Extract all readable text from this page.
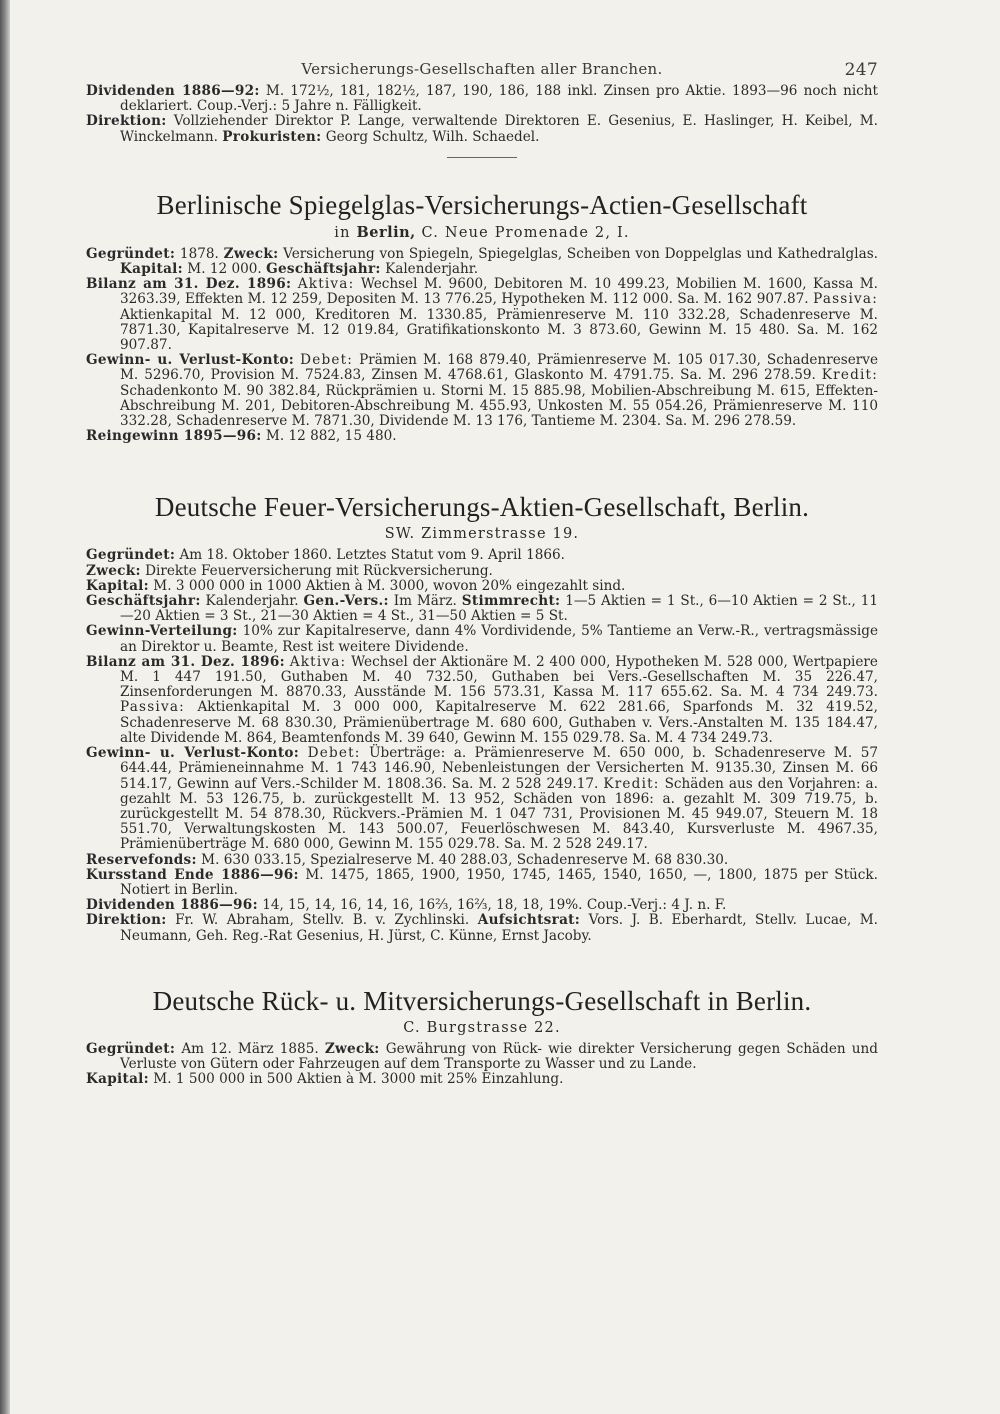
Versicherungs-Gesellschaften aller Branchen.	247

Dividenden 1886—92: M. 172½, 181, 182½, 187, 190, 186, 188 inkl. Zinsen pro Aktie. 1893—96 noch nicht deklariert. Coup.-Verj.: 5 Jahre n. Fälligkeit.

Direktion: Vollziehender Direktor P. Lange, verwaltende Direktoren E. Gesenius, E. Haslinger, H. Keibel, M. Winckelmann. Prokuristen: Georg Schultz, Wilh. Schaedel.

Berlinische Spiegelglas-Versicherungs-Actien-Gesellschaft
in Berlin, C. Neue Promenade 2, I.

Gegründet: 1878. Zweck: Versicherung von Spiegeln, Spiegelglas, Scheiben von Doppelglas und Kathedralglas. Kapital: M. 12 000. Geschäftsjahr: Kalenderjahr.

Bilanz am 31. Dez. 1896: Aktiva: Wechsel M. 9600, Debitoren M. 10 499.23, Mobilien M. 1600, Kassa M. 3263.39, Effekten M. 12 259, Depositen M. 13 776.25, Hypotheken M. 112 000. Sa. M. 162 907.87. Passiva: Aktienkapital M. 12 000, Kreditoren M. 1330.85, Prämienreserve M. 110 332.28, Schadenreserve M. 7871.30, Kapitalreserve M. 12 019.84, Gratifikationskonto M. 3 873.60, Gewinn M. 15 480. Sa. M. 162 907.87.

Gewinn- u. Verlust-Konto: Debet: Prämien M. 168 879.40, Prämienreserve M. 105 017.30, Schadenreserve M. 5296.70, Provision M. 7524.83, Zinsen M. 4768.61, Glaskonto M. 4791.75. Sa. M. 296 278.59. Kredit: Schadenkonto M. 90 382.84, Rückprämien u. Storni M. 15 885.98, Mobilien-Abschreibung M. 615, Effekten-Abschreibung M. 201, Debitoren-Abschreibung M. 455.93, Unkosten M. 55 054.26, Prämienreserve M. 110 332.28, Schadenreserve M. 7871.30, Dividende M. 13 176, Tantieme M. 2304. Sa. M. 296 278.59.

Reingewinn 1895—96: M. 12 882, 15 480.

Deutsche Feuer-Versicherungs-Aktien-Gesellschaft, Berlin.
SW. Zimmerstrasse 19.

Gegründet: Am 18. Oktober 1860. Letztes Statut vom 9. April 1866.

Zweck: Direkte Feuerversicherung mit Rückversicherung.

Kapital: M. 3 000 000 in 1000 Aktien à M. 3000, wovon 20% eingezahlt sind.

Geschäftsjahr: Kalenderjahr. Gen.-Vers.: Im März. Stimmrecht: 1—5 Aktien = 1 St., 6—10 Aktien = 2 St., 11—20 Aktien = 3 St., 21—30 Aktien = 4 St., 31—50 Aktien = 5 St.

Gewinn-Verteilung: 10% zur Kapitalreserve, dann 4% Vordividende, 5% Tantieme an Verw.-R., vertragsmässige an Direktor u. Beamte, Rest ist weitere Dividende.

Bilanz am 31. Dez. 1896: Aktiva: Wechsel der Aktionäre M. 2 400 000, Hypotheken M. 528 000, Wertpapiere M. 1 447 191.50, Guthaben M. 40 732.50, Guthaben bei Vers.-Gesellschaften M. 35 226.47, Zinsenforderungen M. 8870.33, Ausstände M. 156 573.31, Kassa M. 117 655.62. Sa. M. 4 734 249.73. Passiva: Aktienkapital M. 3 000 000, Kapitalreserve M. 622 281.66, Sparfonds M. 32 419.52, Schadenreserve M. 68 830.30, Prämienübertrage M. 680 600, Guthaben v. Vers.-Anstalten M. 135 184.47, alte Dividende M. 864, Beamtenfonds M. 39 640, Gewinn M. 155 029.78. Sa. M. 4 734 249.73.

Gewinn- u. Verlust-Konto: Debet: Überträge: a. Prämienreserve M. 650 000, b. Schadenreserve M. 57 644.44, Prämieneinnahme M. 1 743 146.90, Nebenleistungen der Versicherten M. 9135.30, Zinsen M. 66 514.17, Gewinn auf Vers.-Schilder M. 1808.36. Sa. M. 2 528 249.17. Kredit: Schäden aus den Vorjahren: a. gezahlt M. 53 126.75, b. zurückgestellt M. 13 952, Schäden von 1896: a. gezahlt M. 309 719.75, b. zurückgestellt M. 54 878.30, Rückvers.-Prämien M. 1 047 731, Provisionen M. 45 949.07, Steuern M. 18 551.70, Verwaltungskosten M. 143 500.07, Feuerlöschwesen M. 843.40, Kursverluste M. 4967.35, Prämienüberträge M. 680 000, Gewinn M. 155 029.78. Sa. M. 2 528 249.17.

Reservefonds: M. 630 033.15, Spezialreserve M. 40 288.03, Schadenreserve M. 68 830.30.

Kursstand Ende 1886—96: M. 1475, 1865, 1900, 1950, 1745, 1465, 1540, 1650, —, 1800, 1875 per Stück. Notiert in Berlin.

Dividenden 1886—96: 14, 15, 14, 16, 14, 16, 16⅔, 16⅔, 18, 18, 19%. Coup.-Verj.: 4 J. n. F.

Direktion: Fr. W. Abraham, Stellv. B. v. Zychlinski. Aufsichtsrat: Vors. J. B. Eberhardt, Stellv. Lucae, M. Neumann, Geh. Reg.-Rat Gesenius, H. Jürst, C. Künne, Ernst Jacoby.

Deutsche Rück- u. Mitversicherungs-Gesellschaft in Berlin.
C. Burgstrasse 22.

Gegründet: Am 12. März 1885. Zweck: Gewährung von Rück- wie direkter Versicherung gegen Schäden und Verluste von Gütern oder Fahrzeugen auf dem Transporte zu Wasser und zu Lande.

Kapital: M. 1 500 000 in 500 Aktien à M. 3000 mit 25% Einzahlung.
